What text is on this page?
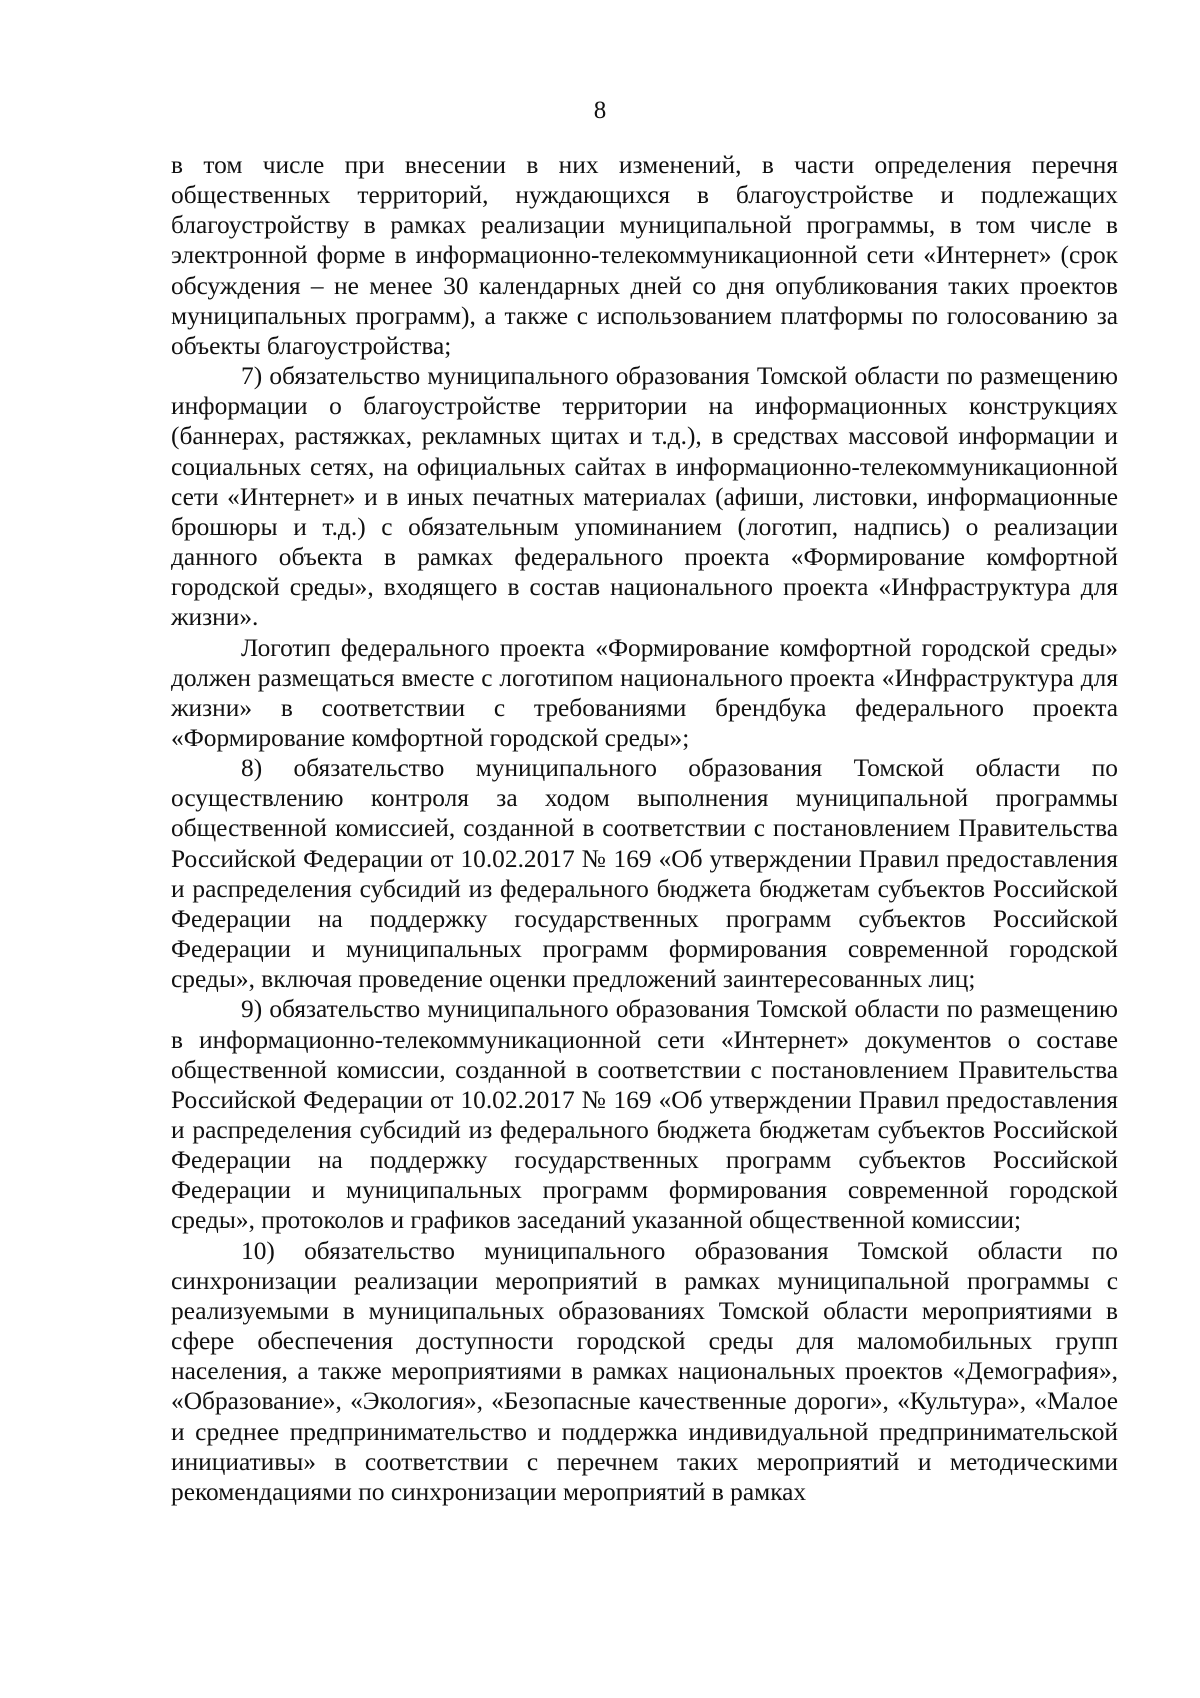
8

в том числе при внесении в них изменений, в части определения перечня общественных территорий, нуждающихся в благоустройстве и подлежащих благоустройству в рамках реализации муниципальной программы, в том числе в электронной форме в информационно-телекоммуникационной сети «Интернет» (срок обсуждения – не менее 30 календарных дней со дня опубликования таких проектов муниципальных программ), а также с использованием платформы по голосованию за объекты благоустройства;

7) обязательство муниципального образования Томской области по размещению информации о благоустройстве территории на информационных конструкциях (баннерах, растяжках, рекламных щитах и т.д.), в средствах массовой информации и социальных сетях, на официальных сайтах в информационно-телекоммуникационной сети «Интернет» и в иных печатных материалах (афиши, листовки, информационные брошюры и т.д.) с обязательным упоминанием (логотип, надпись) о реализации данного объекта в рамках федерального проекта «Формирование комфортной городской среды», входящего в состав национального проекта «Инфраструктура для жизни».

Логотип федерального проекта «Формирование комфортной городской среды» должен размещаться вместе с логотипом национального проекта «Инфраструктура для жизни» в соответствии с требованиями брендбука федерального проекта «Формирование комфортной городской среды»;

8) обязательство муниципального образования Томской области по осуществлению контроля за ходом выполнения муниципальной программы общественной комиссией, созданной в соответствии с постановлением Правительства Российской Федерации от 10.02.2017 № 169 «Об утверждении Правил предоставления и распределения субсидий из федерального бюджета бюджетам субъектов Российской Федерации на поддержку государственных программ субъектов Российской Федерации и муниципальных программ формирования современной городской среды», включая проведение оценки предложений заинтересованных лиц;

9) обязательство муниципального образования Томской области по размещению в информационно-телекоммуникационной сети «Интернет» документов о составе общественной комиссии, созданной в соответствии с постановлением Правительства Российской Федерации от 10.02.2017 № 169 «Об утверждении Правил предоставления и распределения субсидий из федерального бюджета бюджетам субъектов Российской Федерации на поддержку государственных программ субъектов Российской Федерации и муниципальных программ формирования современной городской среды», протоколов и графиков заседаний указанной общественной комиссии;

10) обязательство муниципального образования Томской области по синхронизации реализации мероприятий в рамках муниципальной программы с реализуемыми в муниципальных образованиях Томской области мероприятиями в сфере обеспечения доступности городской среды для маломобильных групп населения, а также мероприятиями в рамках национальных проектов «Демография», «Образование», «Экология», «Безопасные качественные дороги», «Культура», «Малое и среднее предпринимательство и поддержка индивидуальной предпринимательской инициативы» в соответствии с перечнем таких мероприятий и методическими рекомендациями по синхронизации мероприятий в рамках
